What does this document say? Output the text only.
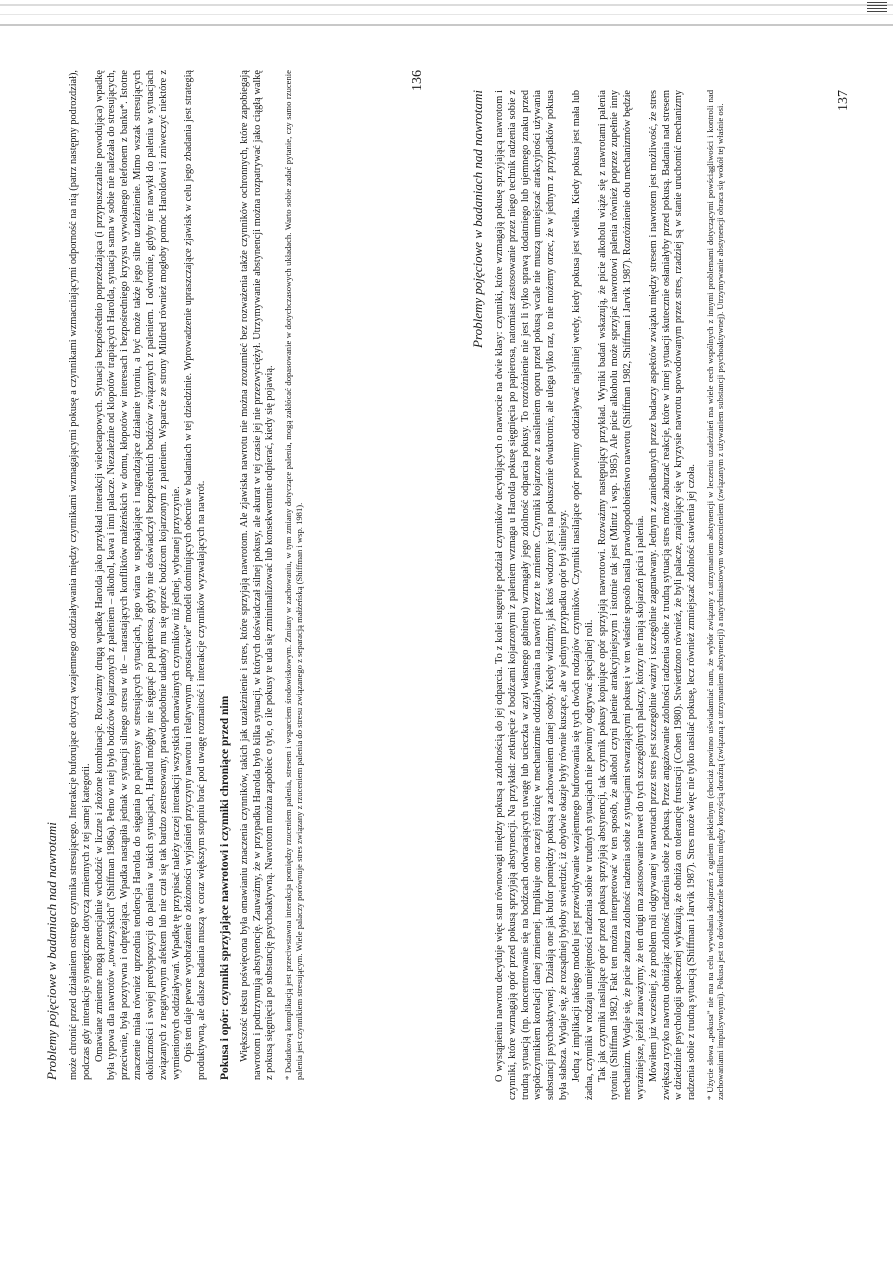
Problemy pojęciowe w badaniach nad nawrotami może chronić przed działaniem ostrego czynnika stresującego. Interakcje buforujące dotyczą wzajemnego oddziaływania między czynnikami wzmagającymi pokusę a czynnikami wzmacniającymi odporność na nią (patrz następny podrozdział), podczas gdy interakcje synergiczne dotyczą zmiennych z tej samej kategorii. Omawiane zmienne mogą potencjalnie wchodzić w liczne i złożone kombinacje. Rozważmy drugą wpadkę Harolda jako przykład interakcji wieloetapowych. Sytuacja bezpośrednio poprzedzająca (i przypuszczalnie powodująca) wpadkę była typowa dla nawrotów „towarzyskich” (Shiffman 1986a). Pełno w niej było bodźców kojarzonych z paleniem – alkohol, kawa i inni palacze. Niezależnie od klopotów trapiących Harolda, sytuacja sama w sobie nie należała do stresujących, przeciwnie, była pozytywna i odprężająca. Wpadka nastąpiła jednak w sytuacji silnego stresu w tle – narastających konfliktów małżeńskich w domu, kłopotów w interesach i bezpośredniego kryzysu wywołanego telefonem z banku*. Istotne znaczenie miała również uprzednia tendencja Harolda do sięgania po papierosy w stresujących sytuacjach, jego wiara w uspokajające i nagradzające działanie tytoniu, a być może także jego silne uzależnienie. Mimo wszak stresujących okoliczności i swojej predyspozycji do palenia w takich sytuacjach, Harold mógłby nie sięgnąć po papierosa, gdyby nie doświadczył bezpośrednich bodźców związanych z paleniem. I odwrotnie, gdyby nie nawykł do palenia w sytuacjach związanych z negatywnym afektem lub nie czuł się tak bardzo zestresowany, prawdopodobnie udałoby mu się oprzeć bodźcom kojarzonym z paleniem. Wsparcie ze strony Mildred również mogłoby pomóc Haroldowi i zniweczyć niektóre z wymienionych oddziaływań. Wpadkę tę przypisać należy raczej interakcji wszystkich omawianych czynników niż jednej, wybranej przyczynie. Opis ten daje pewne wyobrażenie o złożoności wyjaśnień przyczyny nawrotu i relatywnym „prostactwie” modeli dominujących obecnie w badaniach w tej dziedzinie. Wprowadzenie upraszczające zjawisk w celu jego zbadania jest strategią produktywną, ale dalsze badania muszą w coraz większym stopniu brać pod uwagę rozmaitość i interakcje czynników wyzwalających na nawrót. Pokusa i opór: czynniki sprzyjające nawrotowi i czynniki chroniące przed nim Większość tekstu poświęcona była omawianiu znaczenia czynników, takich jak uzależnienie i stres, które sprzyjają nawrotom. Ale zjawiska nawrotu nie można zrozumieć bez rozważenia także czynników ochronnych, które zapobiegają nawrotom i podtrzymują abstynencję. Zauważmy, że w przypadku Harolda było kilka sytuacji, w których doświadczał silnej pokusy, ale akurat w tej czasie jej nie przezwyciężył. Utrzymywanie abstynencji można rozpatrywać jako ciągłą walkę z pokusą sięgnięcia po substancję psychoaktywną. Nawrotom można zapobiec o tyle, o ile pokusy te uda się zminimalizować lub konsekwentnie odpierać, kiedy się pojawią. * Dodatkową komplikacją jest przeciwstawna interakcja pomiędzy rzuceniem palenia, stresem i wsparciem środowiskowym. Zmiany w zachowaniu, w tym zmiany dotyczące palenia, mogą zakłócać dopasowanie w dotychczasowych układach. Warto sobie zadać pytanie, czy samo rzucenie palenia jest czynnikiem stresującym. Wiele palaczy porównuje stres związany z rzuceniem palenia do stresu związanego z separacją małżeńską (Shiffman i wsp. 1981).
136
Problemy pojęciowe w badaniach nad nawrotami O wystąpieniu nawrotu decyduje więc stan równowagi między pokusą a zdolnością do jej odparcia. To z kolei sugeruje podział czynników decydujących o nawrocie na dwie klasy: czynniki, które wzmagają pokusę sprzyjającą nawrotom i czynniki, które wzmagają opór przed pokusą sprzyjają abstynencji. Na przykład: zetknięcie z bodźcami kojarzonymi z paleniem wzmaga u Harolda pokusę sięgnięcia po papierosa, natomiast zastosowanie przez niego technik radzenia sobie z trudną sytuacją (np. koncentrowanie się na bodźcach odwracających uwagę lub ucieczka w azyl własnego gabinetu) wzmagały jego zdolność odparcia pokusy. To rozróżnienie nie jest li tylko sprawą dodatniego lub ujemnego znaku przed współczynnikiem korelacji danej zmiennej. Implikuje ono raczej różnicę w mechanizmie oddziaływania na nawrót przez te zmienne. Czynniki kojarzone z nasileniem oporu przed pokusą wcale nie muszą umniejszać atrakcyjności używania substancji psychoaktywnej. Działają one jak bufor pomiędzy pokusą a zachowaniem danej osoby. Kiedy widzimy, jak ktoś wodzony jest na pokuszenie dwukrotnie, ale ulega tylko raz, to nie możemy orzec, że w jednym z przypadków pokusa była słabsza. Wydaje się, że rozsądniej byłoby stwierdzić, iż obydwie okazje były równie kuszące, ale w jednym przypadku opór był silniejszy. Jedną z implikacji takiego modelu jest przewidywanie wzajemnego buforowania się tych dwóch rodzajów czynników. Czynniki nasilające opór powinny oddziaływać najsilniej wtedy, kiedy pokusa jest wielka. Kiedy pokusa jest mała lub żadna, czynniki w rodzaju umiejętności radzenia sobie w trudnych sytuacjach nie powinny odgrywać specjalnej roli. Tak jak czynniki nasilające opór przed pokusą sprzyjają abstynencji, tak czynnik pokusy kopiujące opór sprzyjają nawrotowi. Rozważmy następujący przykład. Wyniki badań wskazują, że picie alkoholu wiąże się z nawrotami palenia tytoniu (Shiffman 1982). Fakt ten można interpretować w ten sposób, że alkohol czyni palenie atrakcyjniejszym i istotnie tak jest (Mintz i wsp. 1985). Ale picie alkoholu może sprzyjać nawrotowi palenia również poprzez zupełnie inny mechanizm. Wydaje się, że picie zaburza zdolność radzenia sobie z sytuacjami stwarzającymi pokusę i w ten właśnie sposób nasila prawdopodobieństwo nawrotu (Shiffman 1982, Shiffman i Jarvik 1987). Rozróżnienie obu mechanizmów będzie wyraźniejsze, jeżeli zauważymy, że ten drugi ma zastosowanie nawet do tych szczególnych palaczy, którzy nie mają skojarzeń picia i palenia. Mówiłem już wcześniej, że problem roli odgrywanej w nawrotach przez stres jest szczególnie ważny i szczególnie zagmatwany. Jednym z zaniedbanych przez badaczy aspektów związku między stresem i nawrotem jest możliwość, że stres zwiększa ryzyko nawrotu obniżając zdolność radzenia sobie z pokusą. Przez angażowanie zdolności radzenia sobie z trudną sytuacją stres może zaburzać reakcje, które w innej sytuacji skutecznie osłaniałyby przed pokusą. Badania nad stresem w dziedzinie psychologii społecznej wykazują, że obniża on tolerancję frustracji (Cohen 1980). Stwierdzono również, że byli palacze, znajdujący się w kryzysie nawrotu spowodowanym przez stres, rzadziej są w stanie uruchomić mechanizmy radzenia sobie z trudną sytuacją (Shiffman i Jarvik 1987). Stres może więc nie tylko nasilać pokusę, lecz również zmniejszać zdolność stawienia jej czoła. * Użycie słowa „pokusa” nie ma na celu wywołania skojarzeń z ogniem piekielnym (chociaż powinno uświadamiać nam, że wybór związany z utrzymaniem abstynencji w leczeniu uzależnień ma wiele cech wspólnych z innymi problemami dotyczącymi powściągliwości i kontroli nad zachowaniami impulsywnymi). Pokusa jest to doświadczenie konfliktu między korzyścią doraźną (związaną z utrzymaniem abstynencji) a natychmiastowym wzmocnieniem (związanym z używaniem substancji psychoaktywnej). Utrzymywanie abstynencji obraca się wokół tej właśnie osi.
137
